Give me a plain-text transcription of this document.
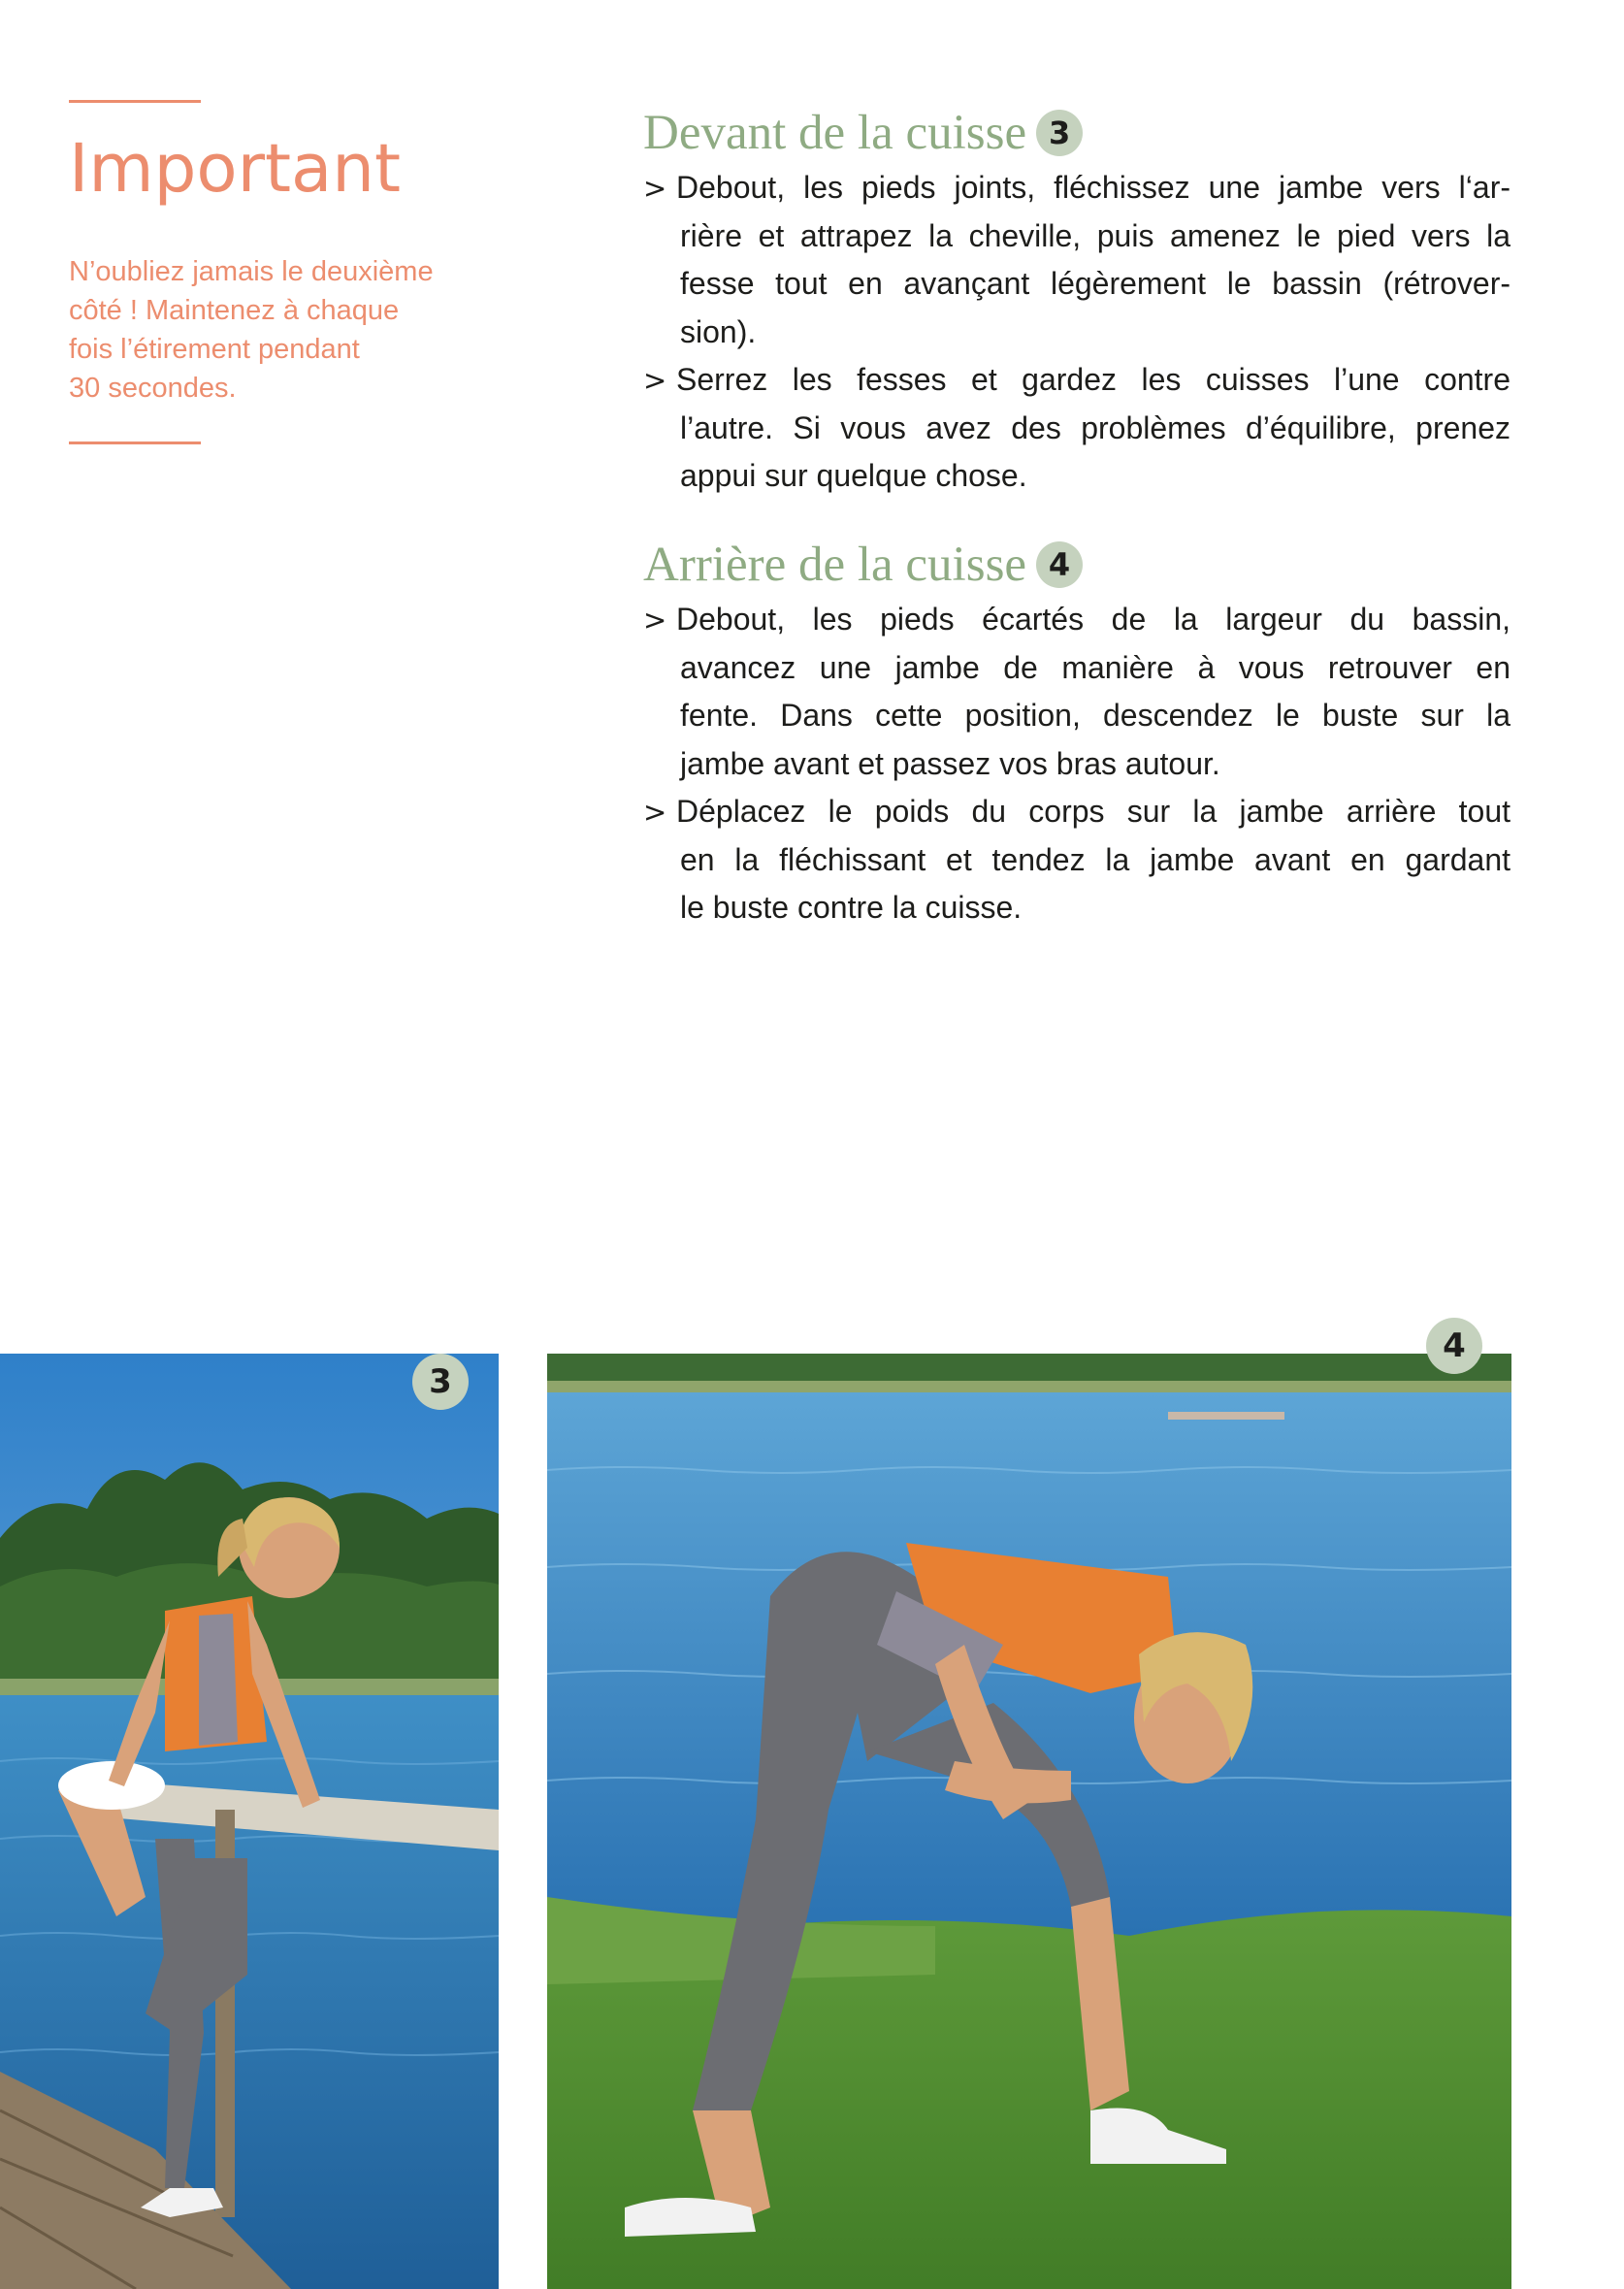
Important
N’oubliez jamais le deuxième
côté ! Maintenez à chaque
fois l’étirement pendant
30 secondes.
Devant de la cuisse 3
> Debout, les pieds joints, fléchissez une jambe vers l‘ar-
rière et attrapez la cheville, puis amenez le pied vers la
fesse tout en avançant légèrement le bassin (rétrover-
sion).
> Serrez les fesses et gardez les cuisses l’une contre
l’autre. Si vous avez des problèmes d’équilibre, prenez
appui sur quelque chose.
Arrière de la cuisse 4
> Debout, les pieds écartés de la largeur du bassin,
avancez une jambe de manière à vous retrouver en
fente. Dans cette position, descendez le buste sur la
jambe avant et passez vos bras autour.
> Déplacez le poids du corps sur la jambe arrière tout
en la fléchissant et tendez la jambe avant en gardant
le buste contre la cuisse.
3
4
